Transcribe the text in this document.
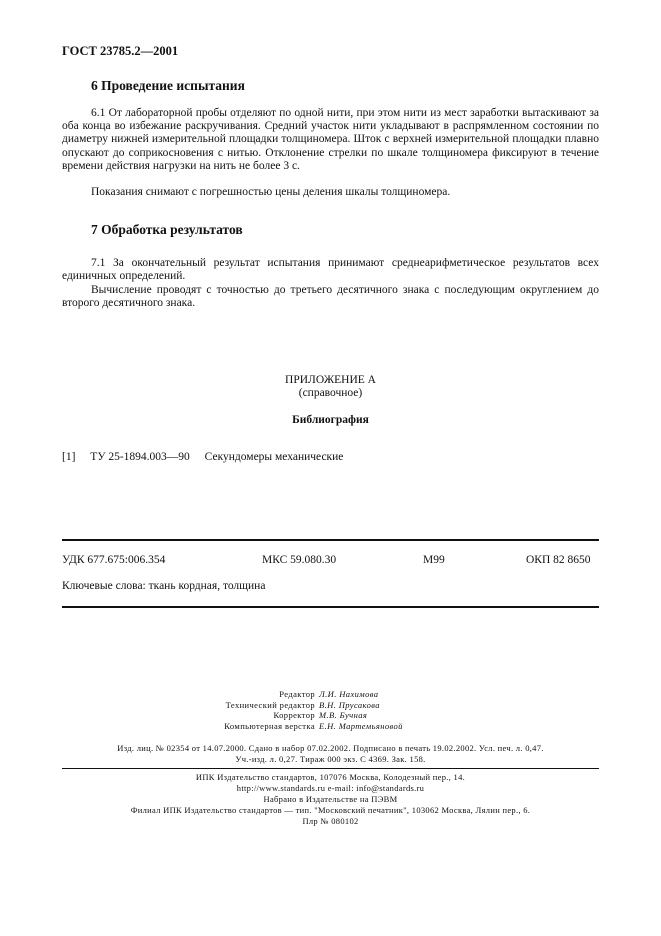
ГОСТ 23785.2—2001
6 Проведение испытания

6.1 От лабораторной пробы отделяют по одной нити, при этом нити из мест заработки вытаскивают за оба конца во избежание раскручивания. Средний участок нити укладывают в распрямленном состоянии по диаметру нижней измерительной площадки толщиномера. Шток с верхней измерительной площадки плавно опускают до соприкосновения с нитью. Отклонение стрелки по шкале толщиномера фиксируют в течение времени действия нагрузки на нить не более 3 с.

Показания снимают с погрешностью цены деления шкалы толщиномера.

7 Обработка результатов

7.1 За окончательный результат испытания принимают среднеарифметическое результатов всех единичных определений.

Вычисление проводят с точностью до третьего десятичного знака с последующим округлением до второго десятичного знака.

ПРИЛОЖЕНИЕ А
(справочное)
Библиография
[1] ТУ 25-1894.003—90 Секундомеры механические
УДК 677.675:006.354	МКС 59.080.30	М99	ОКП 82 8650
Ключевые слова: ткань кордная, толщина
Редактор Л.И. Нахимова
Технический редактор В.Н. Прусакова
Корректор М.В. Бучная
Компьютерная верстка Е.Н. Мартемьяновой
Изд. лиц. № 02354 от 14.07.2000. Сдано в набор 07.02.2002. Подписано в печать 19.02.2002. Усл. печ. л. 0,47.
Уч.-изд. л. 0,27. Тираж 000 экз. С 4369. Зак. 158.
ИПК Издательство стандартов, 107076 Москва, Колодезный пер., 14.
http://www.standards.ru e-mail: info@standards.ru
Набрано в Издательстве на ПЭВМ
Филиал ИПК Издательство стандартов — тип. "Московский печатник", 103062 Москва, Лялин пер., 6.
Плр № 080102
